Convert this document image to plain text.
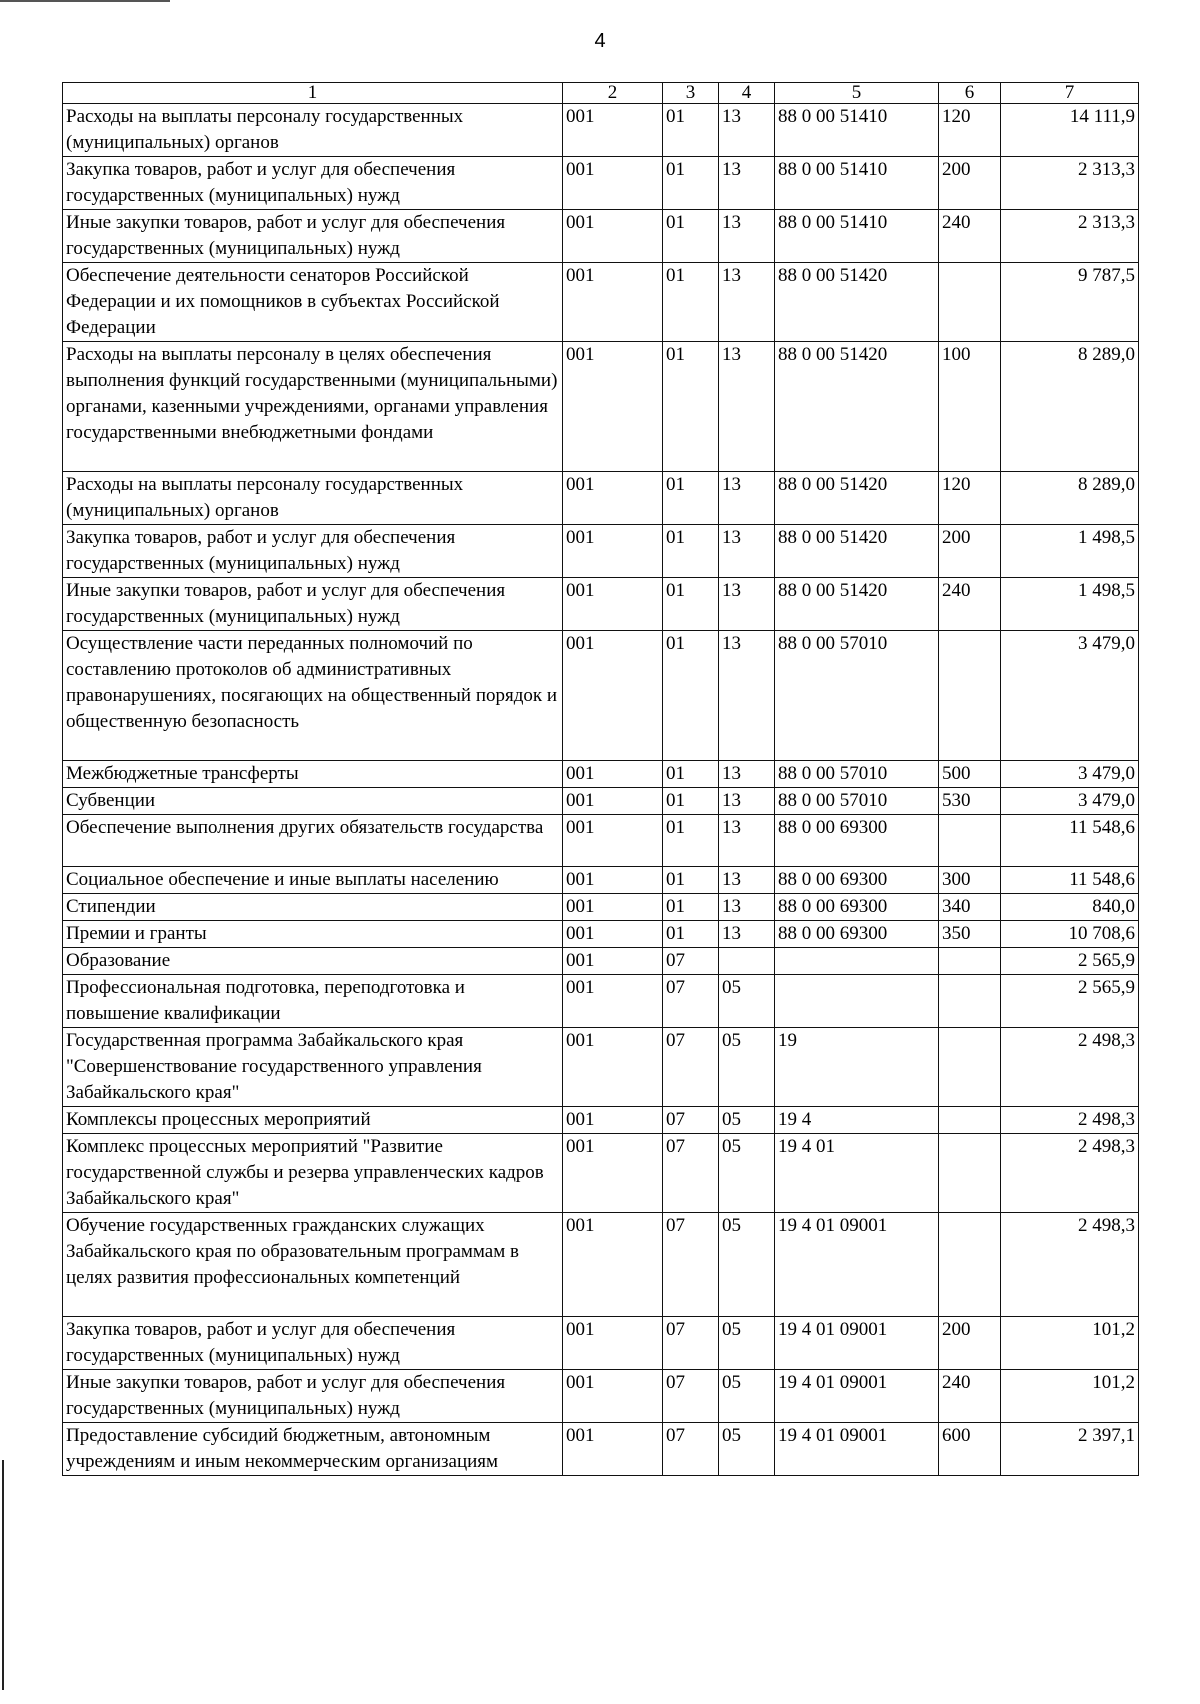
4
1	2	3	4	5	6	7
Расходы на выплаты персоналу государственных (муниципальных) органов	001	01	13	88 0 00 51410	120	14 111,9
Закупка товаров, работ и услуг для обеспечения государственных (муниципальных) нужд	001	01	13	88 0 00 51410	200	2 313,3
Иные закупки товаров, работ и услуг для обеспечения государственных (муниципальных) нужд	001	01	13	88 0 00 51410	240	2 313,3
Обеспечение деятельности сенаторов Российской Федерации и их помощников в субъектах Российской Федерации	001	01	13	88 0 00 51420		9 787,5
Расходы на выплаты персоналу в целях обеспечения выполнения функций государственными (муниципальными) органами, казенными учреждениями, органами управления государственными внебюджетными фондами	001	01	13	88 0 00 51420	100	8 289,0
Расходы на выплаты персоналу государственных (муниципальных) органов	001	01	13	88 0 00 51420	120	8 289,0
Закупка товаров, работ и услуг для обеспечения государственных (муниципальных) нужд	001	01	13	88 0 00 51420	200	1 498,5
Иные закупки товаров, работ и услуг для обеспечения государственных (муниципальных) нужд	001	01	13	88 0 00 51420	240	1 498,5
Осуществление части переданных полномочий по составлению протоколов об административных правонарушениях, посягающих на общественный порядок и общественную безопасность	001	01	13	88 0 00 57010		3 479,0
Межбюджетные трансферты	001	01	13	88 0 00 57010	500	3 479,0
Субвенции	001	01	13	88 0 00 57010	530	3 479,0
Обеспечение выполнения других обязательств государства	001	01	13	88 0 00 69300		11 548,6
Социальное обеспечение и иные выплаты населению	001	01	13	88 0 00 69300	300	11 548,6
Стипендии	001	01	13	88 0 00 69300	340	840,0
Премии и гранты	001	01	13	88 0 00 69300	350	10 708,6
Образование	001	07				2 565,9
Профессиональная подготовка, переподготовка и повышение квалификации	001	07	05			2 565,9
Государственная программа Забайкальского края "Совершенствование государственного управления Забайкальского края"	001	07	05	19		2 498,3
Комплексы процессных мероприятий	001	07	05	19 4		2 498,3
Комплекс процессных мероприятий "Развитие государственной службы и резерва управленческих кадров Забайкальского края"	001	07	05	19 4 01		2 498,3
Обучение государственных гражданских служащих Забайкальского края по образовательным программам в целях развития профессиональных компетенций	001	07	05	19 4 01 09001		2 498,3
Закупка товаров, работ и услуг для обеспечения государственных (муниципальных) нужд	001	07	05	19 4 01 09001	200	101,2
Иные закупки товаров, работ и услуг для обеспечения государственных (муниципальных) нужд	001	07	05	19 4 01 09001	240	101,2
Предоставление субсидий бюджетным, автономным учреждениям и иным некоммерческим организациям	001	07	05	19 4 01 09001	600	2 397,1
